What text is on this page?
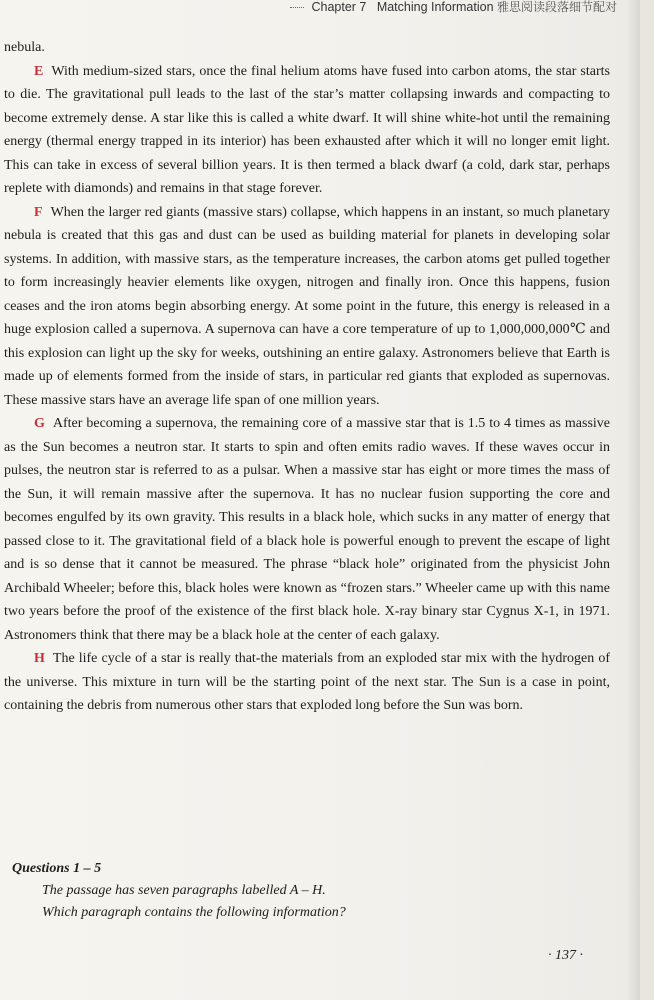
Chapter 7 Matching Information 雅思阅读段落细节配对

nebula.

E With medium-sized stars, once the final helium atoms have fused into carbon atoms, the star starts to die. The gravitational pull leads to the last of the star’s matter collapsing inwards and compacting to become extremely dense. A star like this is called a white dwarf. It will shine white-hot until the remaining energy (thermal energy trapped in its interior) has been exhausted after which it will no longer emit light. This can take in excess of several billion years. It is then termed a black dwarf (a cold, dark star, perhaps replete with diamonds) and remains in that stage forever.

F When the larger red giants (massive stars) collapse, which happens in an instant, so much planetary nebula is created that this gas and dust can be used as building material for planets in developing solar systems. In addition, with massive stars, as the temperature increases, the carbon atoms get pulled together to form increasingly heavier elements like oxygen, nitrogen and finally iron. Once this happens, fusion ceases and the iron atoms begin absorbing energy. At some point in the future, this energy is released in a huge explosion called a supernova. A supernova can have a core temperature of up to 1,000,000,000℃ and this explosion can light up the sky for weeks, outshining an entire galaxy. Astronomers believe that Earth is made up of elements formed from the inside of stars, in particular red giants that exploded as supernovas. These massive stars have an average life span of one million years.

G After becoming a supernova, the remaining core of a massive star that is 1.5 to 4 times as massive as the Sun becomes a neutron star. It starts to spin and often emits radio waves. If these waves occur in pulses, the neutron star is referred to as a pulsar. When a massive star has eight or more times the mass of the Sun, it will remain massive after the supernova. It has no nuclear fusion supporting the core and becomes engulfed by its own gravity. This results in a black hole, which sucks in any matter of energy that passed close to it. The gravitational field of a black hole is powerful enough to prevent the escape of light and is so dense that it cannot be measured. The phrase “black hole” originated from the physicist John Archibald Wheeler; before this, black holes were known as “frozen stars.” Wheeler came up with this name two years before the proof of the existence of the first black hole. X-ray binary star Cygnus X-1, in 1971. Astronomers think that there may be a black hole at the center of each galaxy.

H The life cycle of a star is really that-the materials from an exploded star mix with the hydrogen of the universe. This mixture in turn will be the starting point of the next star. The Sun is a case in point, containing the debris from numerous other stars that exploded long before the Sun was born.

Questions 1 – 5

The passage has seven paragraphs labelled A – H.

Which paragraph contains the following information?

· 137 ·
